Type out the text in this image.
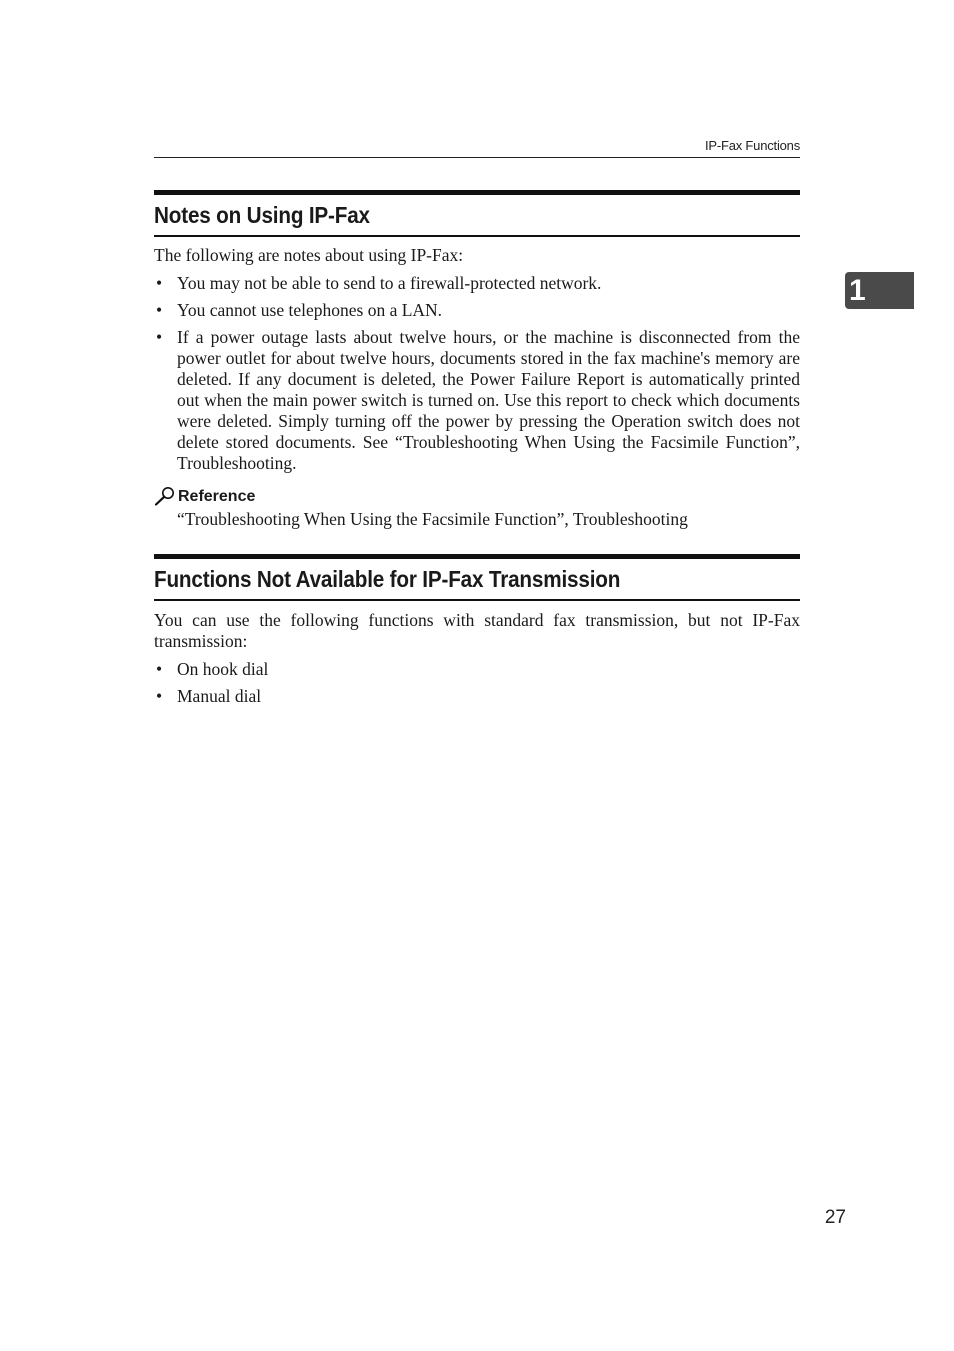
IP-Fax Functions
1
Notes on Using IP-Fax

The following are notes about using IP-Fax:

• You may not be able to send to a firewall-protected network.
• You cannot use telephones on a LAN.
• If a power outage lasts about twelve hours, or the machine is disconnected from the power outlet for about twelve hours, documents stored in the fax machine's memory are deleted. If any document is deleted, the Power Failure Report is automatically printed out when the main power switch is turned on. Use this report to check which documents were deleted. Simply turning off the power by pressing the Operation switch does not delete stored documents. See “Troubleshooting When Using the Facsimile Function”, Troubleshooting.
Reference
“Troubleshooting When Using the Facsimile Function”, Troubleshooting
Functions Not Available for IP-Fax Transmission

You can use the following functions with standard fax transmission, but not IP-Fax transmission:

• On hook dial
• Manual dial
27
